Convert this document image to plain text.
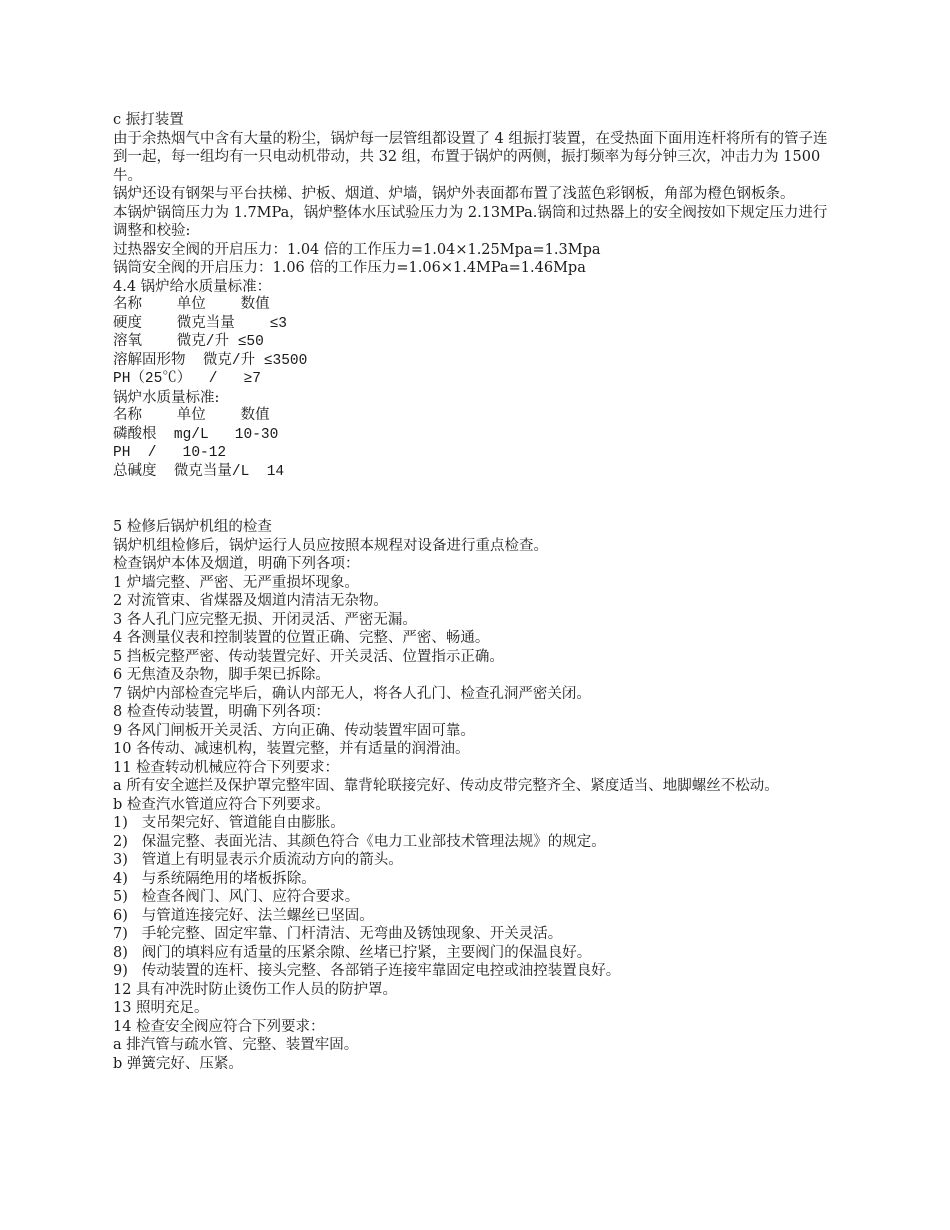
c 振打装置

由于余热烟气中含有大量的粉尘，锅炉每一层管组都设置了 4 组振打装置，在受热面下面用连杆将所有的管子连到一起，每一组均有一只电动机带动，共 32 组，布置于锅炉的两侧，振打频率为每分钟三次，冲击力为 1500 牛。

锅炉还设有钢架与平台扶梯、护板、烟道、炉墙，锅炉外表面都布置了浅蓝色彩钢板，角部为橙色钢板条。

本锅炉锅筒压力为 1.7MPa，锅炉整体水压试验压力为 2.13MPa.锅筒和过热器上的安全阀按如下规定压力进行调整和校验:

过热器安全阀的开启压力：1.04 倍的工作压力=1.04×1.25Mpa=1.3Mpa

锅筒安全阀的开启压力：1.06 倍的工作压力=1.06×1.4MPa=1.46Mpa

4.4 锅炉给水质量标准：

名称    单位    数值

硬度    微克当量    ≤3

溶氧    微克/升 ≤50

溶解固形物  微克/升 ≤3500

PH（25℃）  /   ≥7

锅炉水质量标准:

名称    单位    数值

磷酸根  mg/L   10-30

PH  /   10-12

总碱度  微克当量/L  14

5 检修后锅炉机组的检查

锅炉机组检修后，锅炉运行人员应按照本规程对设备进行重点检查。

检查锅炉本体及烟道，明确下列各项：

1 炉墙完整、严密、无严重损坏现象。

2 对流管束、省煤器及烟道内清洁无杂物。

3 各人孔门应完整无损、开闭灵活、严密无漏。

4 各测量仪表和控制装置的位置正确、完整、严密、畅通。

5 挡板完整严密、传动装置完好、开关灵活、位置指示正确。

6 无焦渣及杂物，脚手架已拆除。

7 锅炉内部检查完毕后，确认内部无人，将各人孔门、检查孔洞严密关闭。

8 检查传动装置，明确下列各项：

9 各风门闸板开关灵活、方向正确、传动装置牢固可靠。

10 各传动、减速机构，装置完整，并有适量的润滑油。

11 检查转动机械应符合下列要求：

a 所有安全遮拦及保护罩完整牢固、靠背轮联接完好、传动皮带完整齐全、紧度适当、地脚螺丝不松动。

b 检查汽水管道应符合下列要求。

1)   支吊架完好、管道能自由膨胀。

2)   保温完整、表面光洁、其颜色符合《电力工业部技术管理法规》的规定。

3)   管道上有明显表示介质流动方向的箭头。

4)   与系统隔绝用的堵板拆除。

5)   检查各阀门、风门、应符合要求。

6)   与管道连接完好、法兰螺丝已坚固。

7)   手轮完整、固定牢靠、门杆清洁、无弯曲及锈蚀现象、开关灵活。

8)   阀门的填料应有适量的压紧余隙、丝堵已拧紧，主要阀门的保温良好。

9)   传动装置的连杆、接头完整、各部销子连接牢靠固定电控或油控装置良好。

12 具有冲洗时防止烫伤工作人员的防护罩。

13 照明充足。

14 检查安全阀应符合下列要求：

a 排汽管与疏水管、完整、装置牢固。

b 弹簧完好、压紧。
